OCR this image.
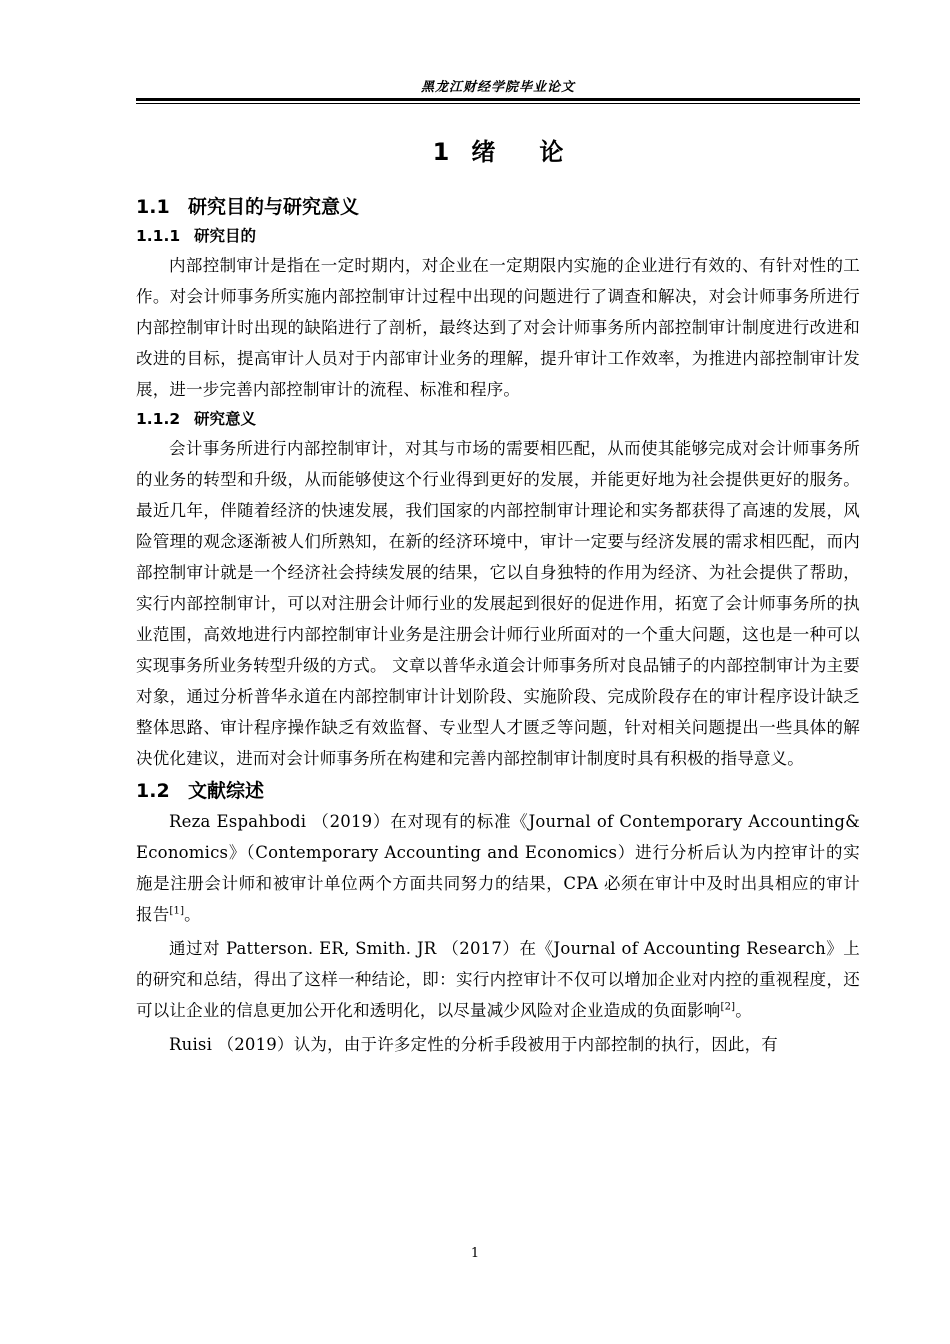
黑龙江财经学院毕业论文
1 绪 论
1.1 研究目的与研究意义
1.1.1 研究目的

内部控制审计是指在一定时期内，对企业在一定期限内实施的企业进行有效的、有针对性的工作。对会计师事务所实施内部控制审计过程中出现的问题进行了调查和解决，对会计师事务所进行内部控制审计时出现的缺陷进行了剖析，最终达到了对会计师事务所内部控制审计制度进行改进和改进的目标，提高审计人员对于内部审计业务的理解，提升审计工作效率，为推进内部控制审计发展，进一步完善内部控制审计的流程、标准和程序。

1.1.2 研究意义

会计事务所进行内部控制审计，对其与市场的需要相匹配，从而使其能够完成对会计师事务所的业务的转型和升级，从而能够使这个行业得到更好的发展，并能更好地为社会提供更好的服务。最近几年，伴随着经济的快速发展，我们国家的内部控制审计理论和实务都获得了高速的发展，风险管理的观念逐渐被人们所熟知，在新的经济环境中，审计一定要与经济发展的需求相匹配，而内部控制审计就是一个经济社会持续发展的结果，它以自身独特的作用为经济、为社会提供了帮助，实行内部控制审计，可以对注册会计师行业的发展起到很好的促进作用，拓宽了会计师事务所的执业范围，高效地进行内部控制审计业务是注册会计师行业所面对的一个重大问题，这也是一种可以实现事务所业务转型升级的方式。 文章以普华永道会计师事务所对良品铺子的内部控制审计为主要对象，通过分析普华永道在内部控制审计计划阶段、实施阶段、完成阶段存在的审计程序设计缺乏整体思路、审计程序操作缺乏有效监督、专业型人才匮乏等问题，针对相关问题提出一些具体的解决优化建议，进而对会计师事务所在构建和完善内部控制审计制度时具有积极的指导意义。

1.2 文献综述

Reza Espahbodi （2019）在对现有的标准《Journal of Contemporary Accounting& Economics》（Contemporary Accounting and Economics）进行分析后认为内控审计的实施是注册会计师和被审计单位两个方面共同努力的结果，CPA 必须在审计中及时出具相应的审计报告[1]。

通过对 Patterson. ER, Smith. JR （2017）在《Journal of Accounting Research》上的研究和总结，得出了这样一种结论，即：实行内控审计不仅可以增加企业对内控的重视程度，还可以让企业的信息更加公开化和透明化，以尽量减少风险对企业造成的负面影响[2]。

Ruisi （2019）认为，由于许多定性的分析手段被用于内部控制的执行，因此，有

1
